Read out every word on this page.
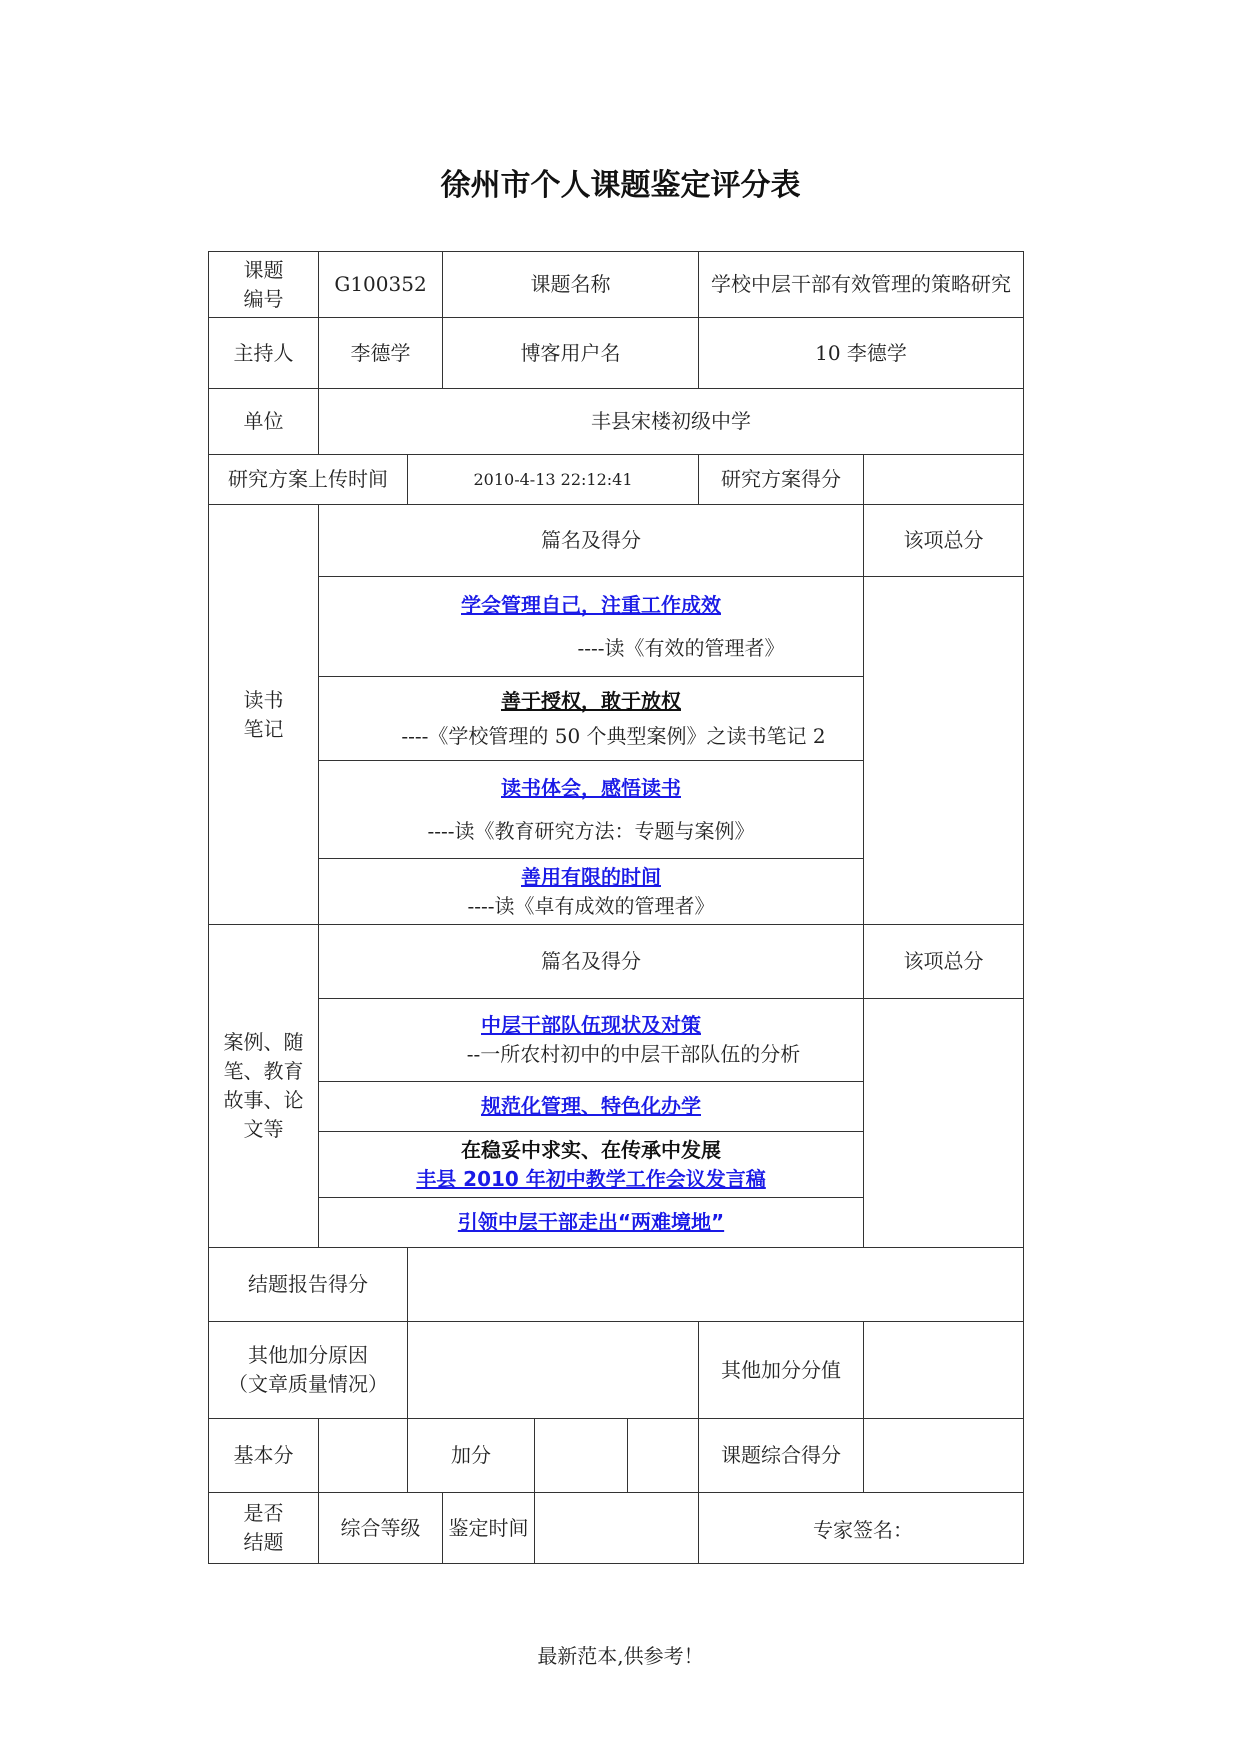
徐州市个人课题鉴定评分表
课题编号	G100352		课题名称		学校中层干部有效管理的策略研究	
主持人	李德学		博客用户名		10 李德学	
单位	丰县宋楼初级中学					
研究方案上传时间		2010-4-13 22:12:41			研究方案得分	
读书笔记	篇名及得分					该项总分
	学会管理自己，注重工作成效
----读《有效的管理者》					

	善于授权，敢于放权
----《学校管理的 50 个典型案例》之读书笔记 2					

	读书体会，感悟读书
----读《教育研究方法：专题与案例》					

	善用有限的时间
----读《卓有成效的管理者》					

案例、随笔、教育故事、论文等	篇名及得分					该项总分
	中层干部队伍现状及对策
--一所农村初中的中层干部队伍的分析					

	规范化管理、特色化办学					

	在稳妥中求实、在传承中发展
丰县 2010 年初中教学工作会议发言稿					
	引领中层干部走出“两难境地”					
结题报告得分						

其他加分原因
（文章质量情况）					其他加分分值	
基本分		加分			课题综合得分	
是否结题	综合等级 鉴定时间				专家签名：	
最新范本,供参考！
